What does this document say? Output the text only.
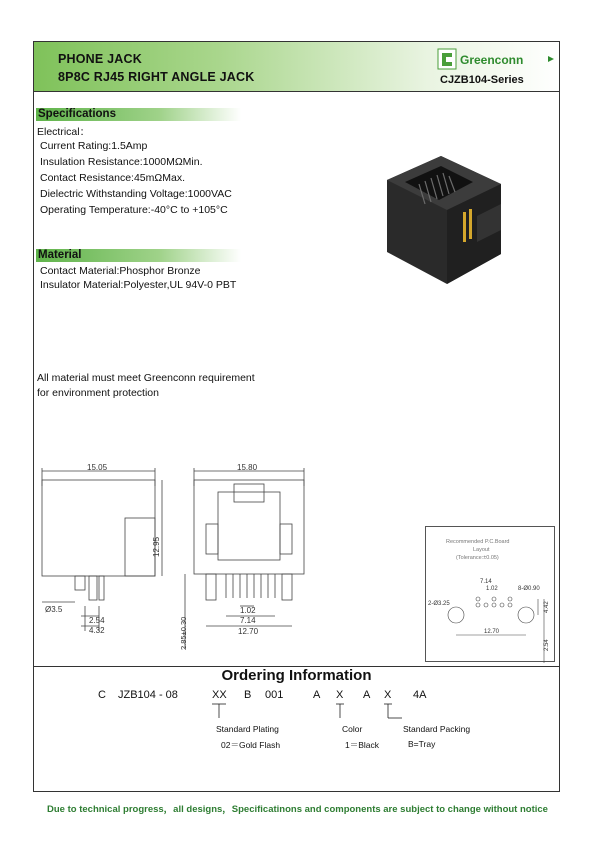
PHONE JACK
8P8C RJ45 RIGHT ANGLE JACK
Greenconn
CJZB104-Series
Specifications
Electrical：
Current Rating:1.5Amp
Insulation Resistance:1000MΩMin.
Contact Resistance:45mΩMax.
Dielectric Withstanding Voltage:1000VAC
Operating Temperature:-40°C to +105°C
Material
Contact Material:Phosphor Bronze
Insulator Material:Polyester,UL 94V-0 PBT
All material must meet Greenconn requirement
for environment protection
15.05
Ø3.5
2.54
4.32
12.95
15.80
1.02
7.14
12.70
2.85±0.30
Recommended P.C.Board
Layout
(Tolerance:±0.05)
7.14
1.02	8-Ø0.90
2-Ø3.25
12.70
4.42
2.54
Ordering Information
C JZB104 - 08	XX B 001	A X A X 4A
Standard Plating
02＝Gold Flash
Color
1＝Black
Standard Packing
B=Tray
Due to technical progress，all designs，Specificatinons and components are subject to change without notice
